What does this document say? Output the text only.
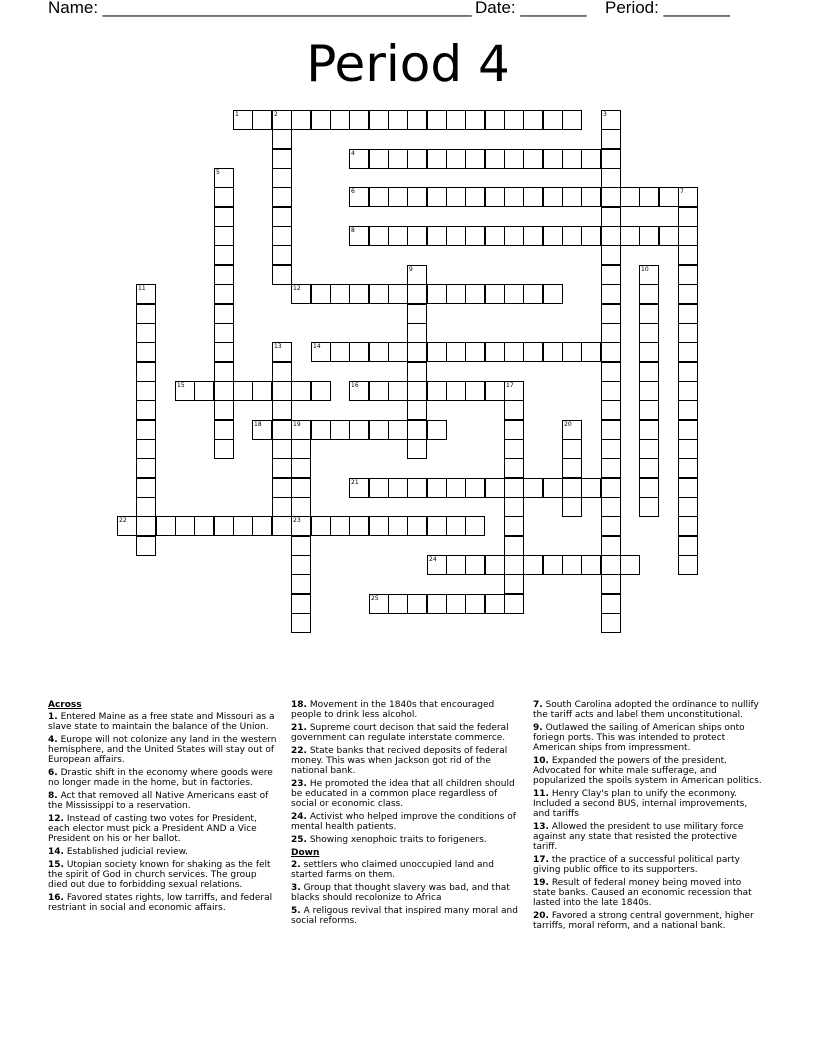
Name: _______________________________________ Date: _______ Period: _______
Period 4
1	2	3
4
5
6	7
8
9	10
11	12
13	14
15	16	17
18	19
23
20
21
22
24
25
Across
1. Entered Maine as a free state and Missouri as a slave state to maintain the balance of the Union.
4. Europe will not colonize any land in the western hemisphere, and the United States will stay out of European affairs.
6. Drastic shift in the economy where goods were no longer made in the home, but in factories.
8. Act that removed all Native Americans east of the Mississippi to a reservation.
12. Instead of casting two votes for President, each elector must pick a President AND a Vice President on his or her ballot.
14. Established judicial review.
15. Utopian society known for shaking as the felt the spirit of God in church services. The group died out due to forbidding sexual relations.
16. Favored states rights, low tarriffs, and federal restriant in social and economic affairs.
18. Movement in the 1840s that encouraged people to drink less alcohol.
21. Supreme court decison that said the federal government can regulate interstate commerce.
22. State banks that recived deposits of federal money. This was when Jackson got rid of the national bank.
23. He promoted the idea that all children should be educated in a common place regardless of social or economic class.
24. Activist who helped improve the conditions of mental health patients.
25. Showing xenophoic traits to forigeners.
Down
2. settlers who claimed unoccupied land and started farms on them.
3. Group that thought slavery was bad, and that blacks should recolonize to Africa
5. A religous revival that inspired many moral and social reforms.
7. South Carolina adopted the ordinance to nullify the tariff acts and label them unconstitutional.
9. Outlawed the sailing of American ships onto foriegn ports. This was intended to protect American ships from impressment.
10. Expanded the powers of the president. Advocated for white male sufferage, and popularized the spoils system in American politics.
11. Henry Clay's plan to unify the econmony. Included a second BUS, internal improvements, and tariffs
13. Allowed the president to use military force against any state that resisted the protective tariff.
17. the practice of a successful political party giving public office to its supporters.
19. Result of federal money being moved into state banks. Caused an economic recession that lasted into the late 1840s.
20. Favored a strong central government, higher tarriffs, moral reform, and a national bank.
